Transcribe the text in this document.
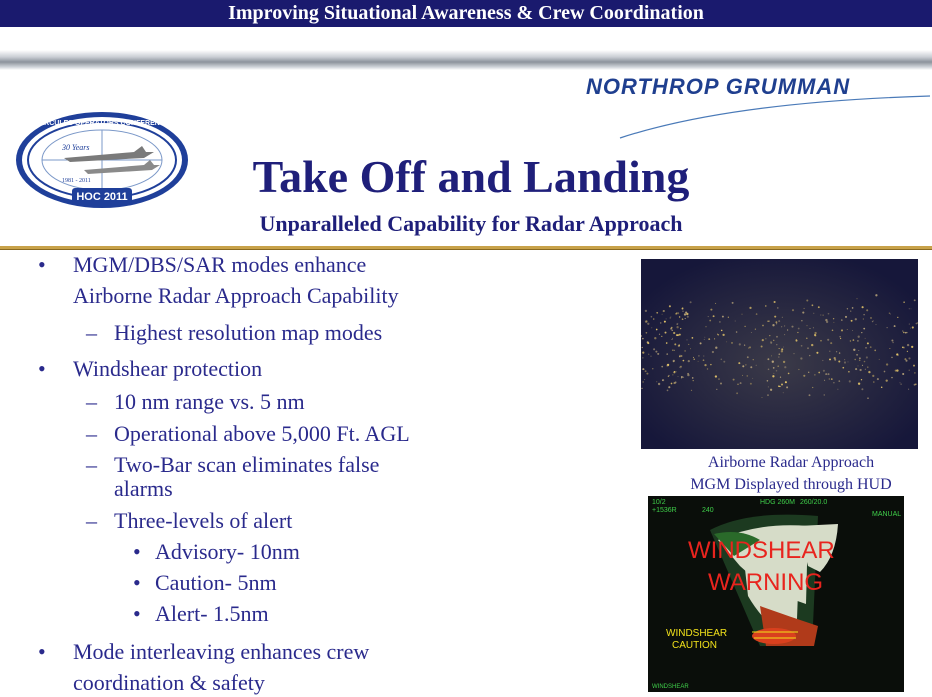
Improving Situational Awareness & Crew Coordination
NORTHROP GRUMMAN
HOC 2011
HERCULES OPERATORS CONFERENCE
30 Years
1981 - 2011	Take Off and Landing
Unparalleled Capability for Radar Approach
• MGM/DBS/SAR modes enhance
Airborne Radar Approach Capability
– Highest resolution map modes
• Windshear protection
– 10 nm range vs. 5 nm
– Operational above 5,000 Ft. AGL
– Two-Bar scan eliminates false
alarms
– Three-levels of alert
• Advisory- 10nm
• Caution- 5nm
• Alert- 1.5nm
• Mode interleaving enhances crew
coordination & safety
Airborne Radar Approach
MGM Displayed through HUD
10/2
+1536R
HDG 260M 260/20.0
MANUAL
240
WINDSHEAR
WARNING
WINDSHEAR
CAUTION
WINDSHEAR
